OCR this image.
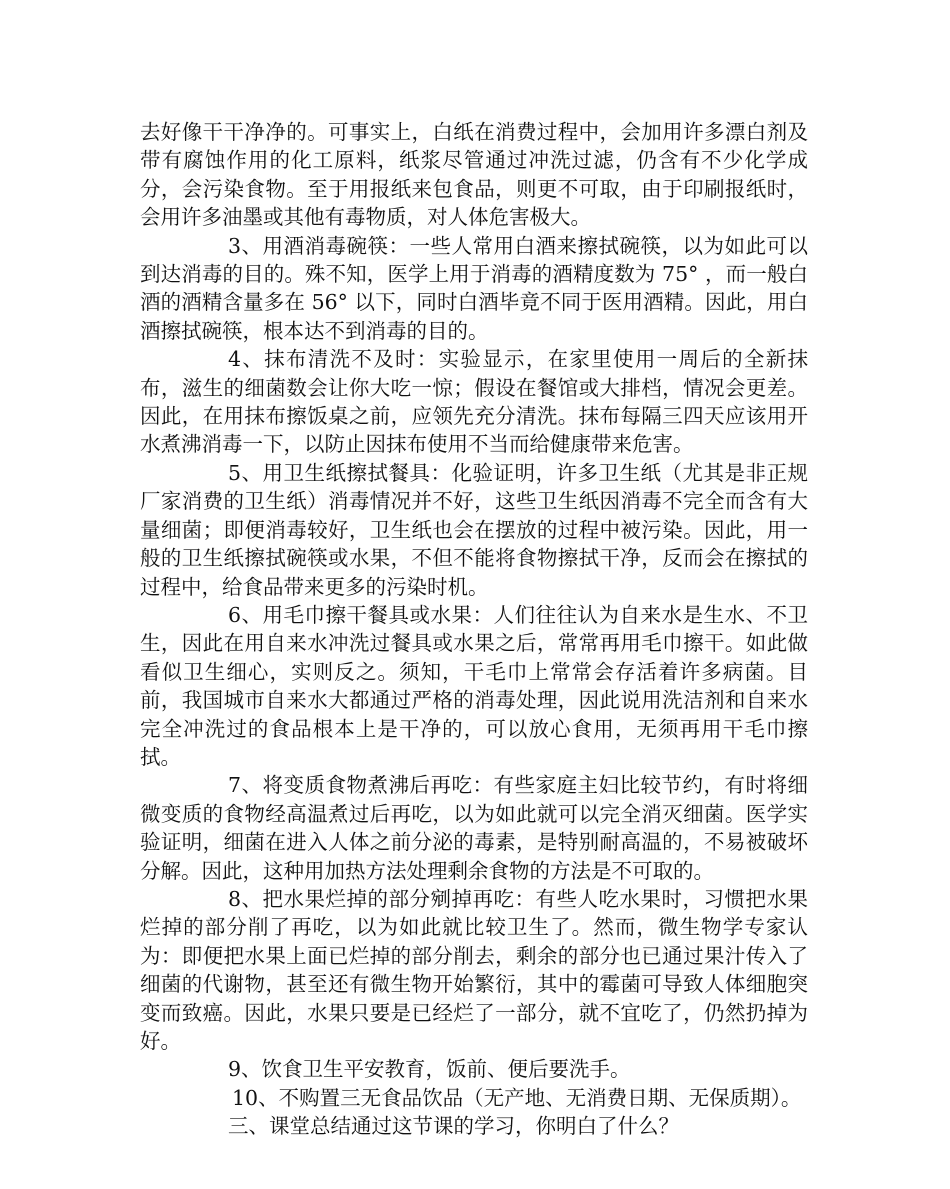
去好像干干净净的。可事实上，白纸在消费过程中，会加用许多漂白剂及带有腐蚀作用的化工原料，纸浆尽管通过冲洗过滤，仍含有不少化学成分，会污染食物。至于用报纸来包食品，则更不可取，由于印刷报纸时，会用许多油墨或其他有毒物质，对人体危害极大。

3、用酒消毒碗筷：一些人常用白酒来擦拭碗筷，以为如此可以到达消毒的目的。殊不知，医学上用于消毒的酒精度数为 75° ，而一般白酒的酒精含量多在 56° 以下，同时白酒毕竟不同于医用酒精。因此，用白酒擦拭碗筷，根本达不到消毒的目的。

4、抹布清洗不及时：实验显示，在家里使用一周后的全新抹布，滋生的细菌数会让你大吃一惊；假设在餐馆或大排档，情况会更差。因此，在用抹布擦饭桌之前，应领先充分清洗。抹布每隔三四天应该用开水煮沸消毒一下，以防止因抹布使用不当而给健康带来危害。

5、用卫生纸擦拭餐具：化验证明，许多卫生纸（尤其是非正规厂家消费的卫生纸）消毒情况并不好，这些卫生纸因消毒不完全而含有大量细菌；即便消毒较好，卫生纸也会在摆放的过程中被污染。因此，用一般的卫生纸擦拭碗筷或水果，不但不能将食物擦拭干净，反而会在擦拭的过程中，给食品带来更多的污染时机。

6、用毛巾擦干餐具或水果：人们往往认为自来水是生水、不卫生，因此在用自来水冲洗过餐具或水果之后，常常再用毛巾擦干。如此做看似卫生细心，实则反之。须知，干毛巾上常常会存活着许多病菌。目前，我国城市自来水大都通过严格的消毒处理，因此说用洗洁剂和自来水完全冲洗过的食品根本上是干净的，可以放心食用，无须再用干毛巾擦拭。

7、将变质食物煮沸后再吃：有些家庭主妇比较节约，有时将细微变质的食物经高温煮过后再吃，以为如此就可以完全消灭细菌。医学实验证明，细菌在进入人体之前分泌的毒素，是特别耐高温的，不易被破坏分解。因此，这种用加热方法处理剩余食物的方法是不可取的。

8、把水果烂掉的部分剜掉再吃：有些人吃水果时，习惯把水果烂掉的部分削了再吃，以为如此就比较卫生了。然而，微生物学专家认为：即便把水果上面已烂掉的部分削去，剩余的部分也已通过果汁传入了细菌的代谢物，甚至还有微生物开始繁衍，其中的霉菌可导致人体细胞突变而致癌。因此，水果只要是已经烂了一部分，就不宜吃了，仍然扔掉为好。

9、饮食卫生平安教育，饭前、便后要洗手。

10、不购置三无食品饮品（无产地、无消费日期、无保质期）。

三、课堂总结通过这节课的学习，你明白了什么？
